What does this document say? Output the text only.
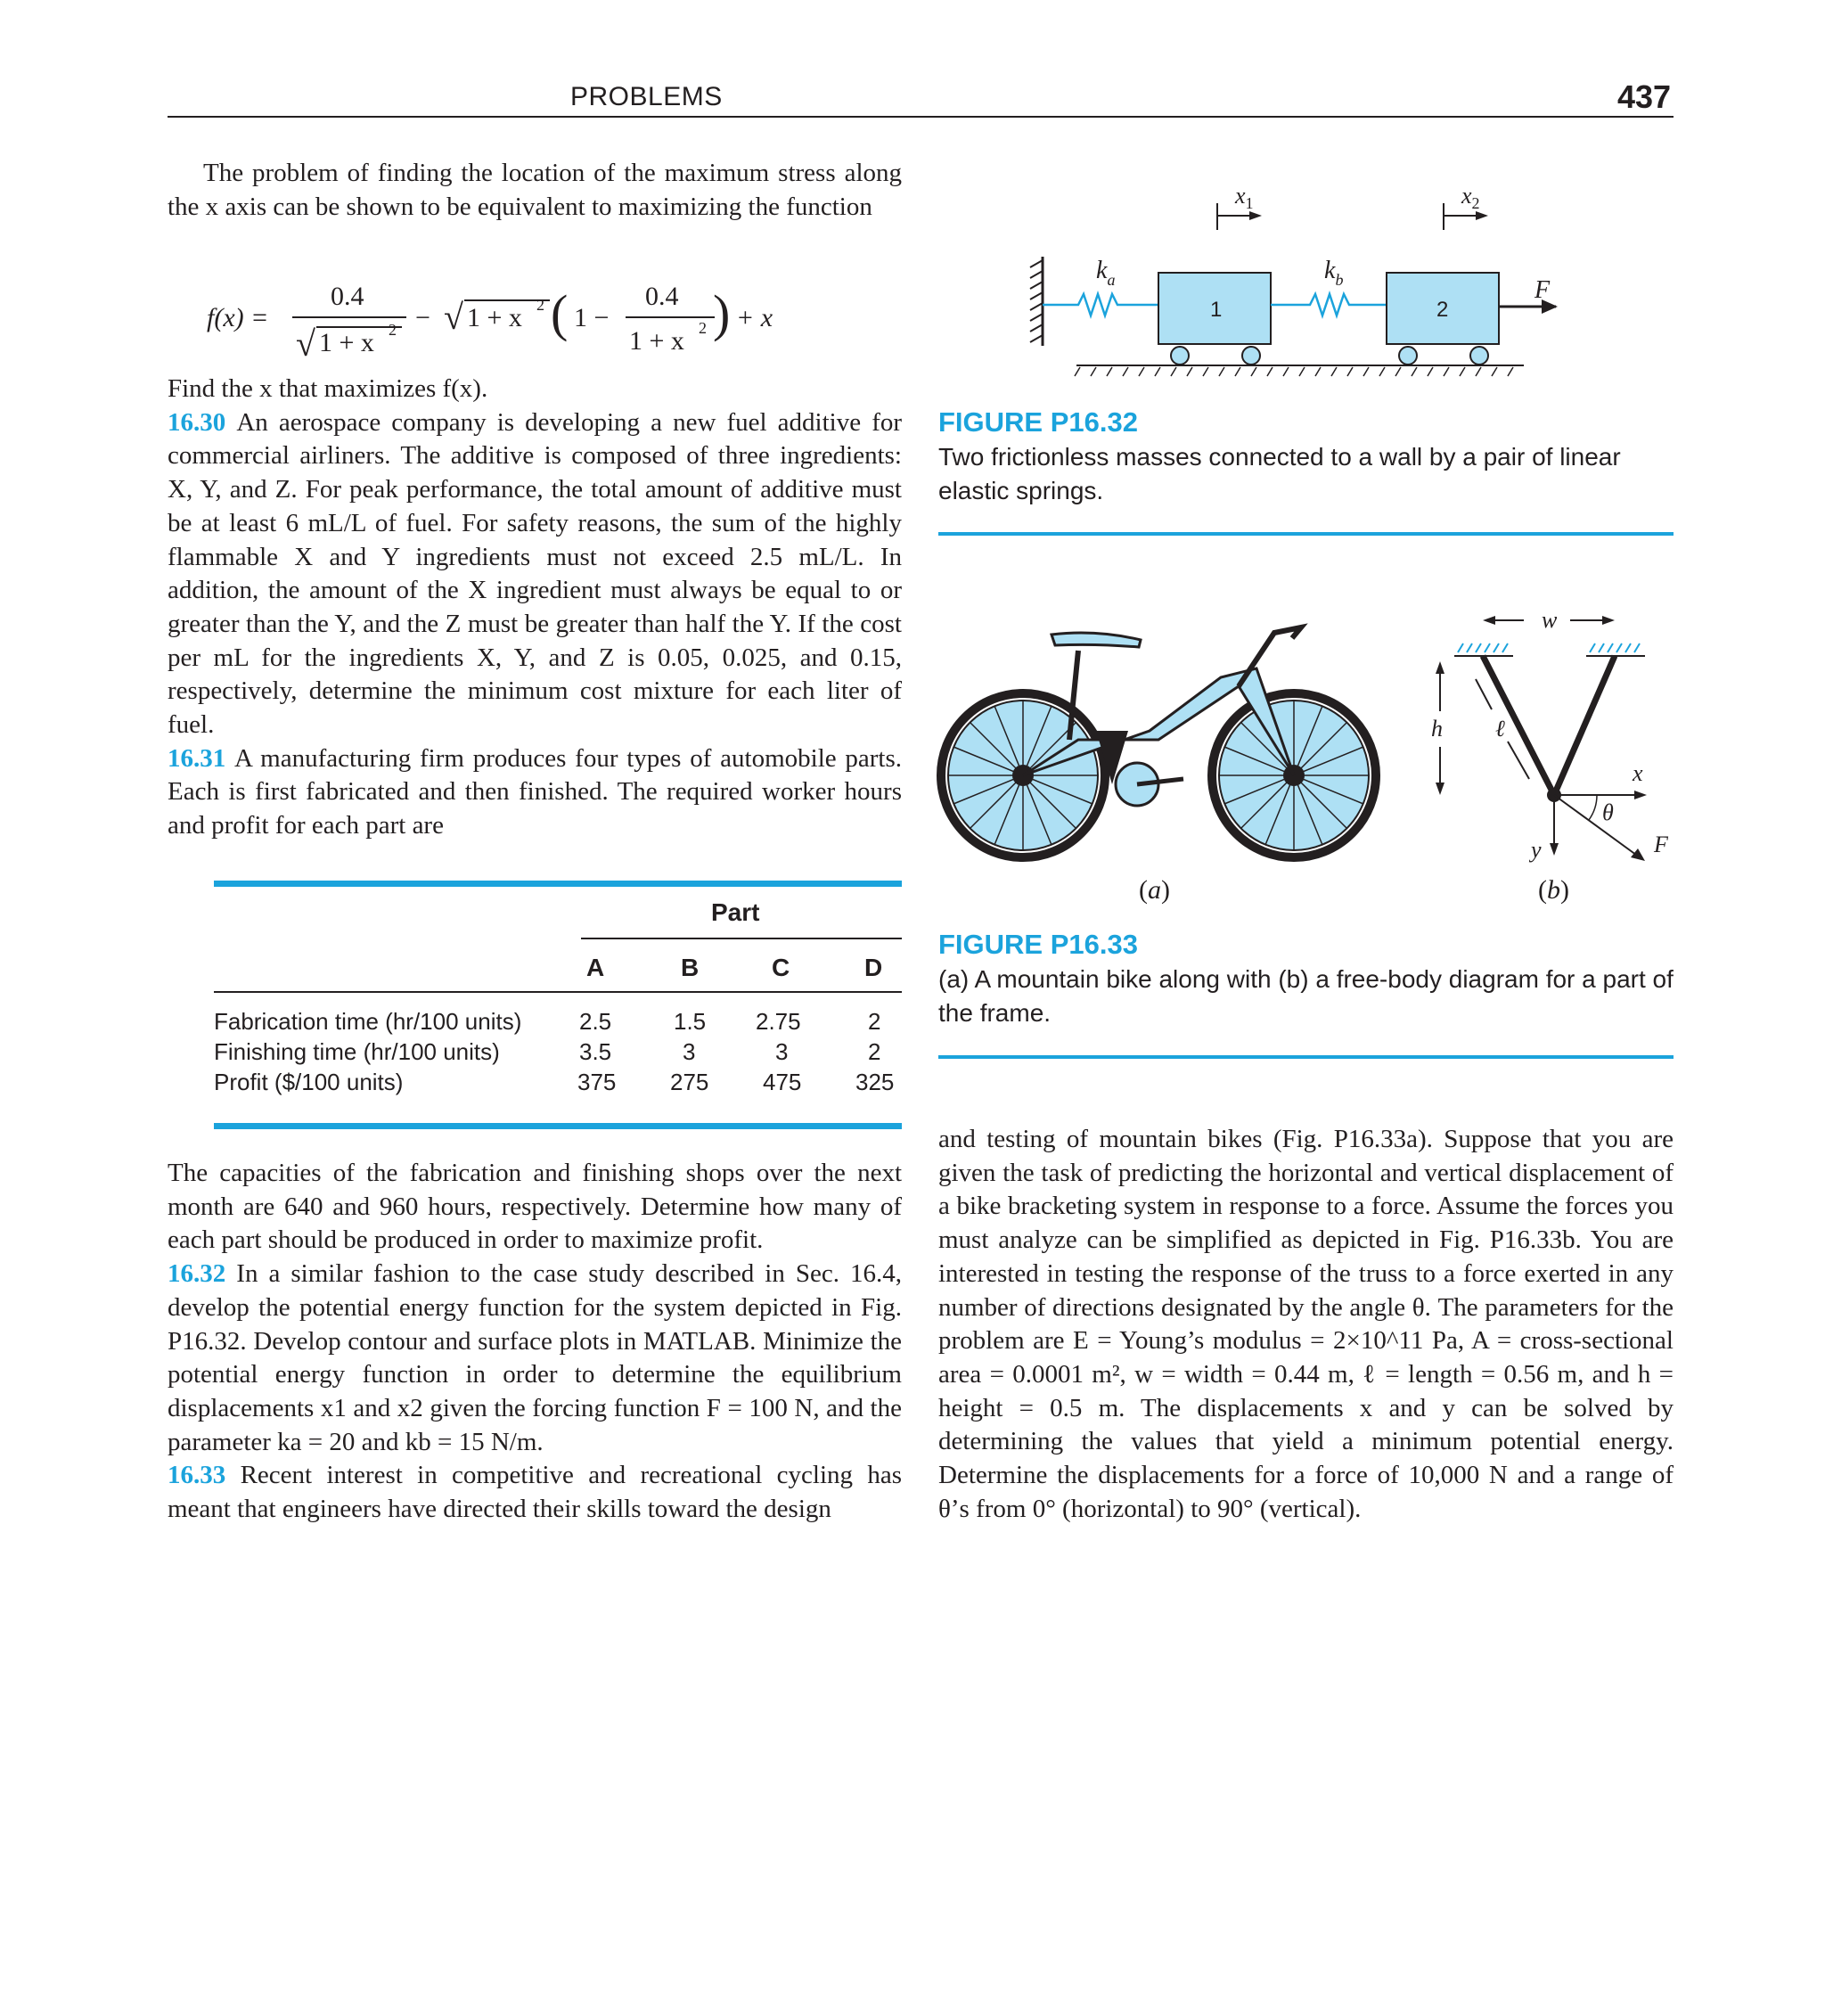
PROBLEMS	437

The problem of finding the location of the maximum stress along the x axis can be shown to be equivalent to maximizing the function

f(x) =
0.4
√ 1 + x 2 − √ 1 + x 2 ( 1 −
0.4
1 + x 2 ) + x

Find the x that maximizes f(x).

16.30 An aerospace company is developing a new fuel additive for commercial airliners. The additive is composed of three ingredients: X, Y, and Z. For peak performance, the total amount of additive must be at least 6 mL/L of fuel. For safety reasons, the sum of the highly flammable X and Y ingredients must not exceed 2.5 mL/L. In addition, the amount of the X ingredient must always be equal to or greater than the Y, and the Z must be greater than half the Y. If the cost per mL for the ingredients X, Y, and Z is 0.05, 0.025, and 0.15, respectively, determine the minimum cost mixture for each liter of fuel.

16.31 A manufacturing firm produces four types of automobile parts. Each is first fabricated and then finished. The required worker hours and profit for each part are

Part
A	B	C	D
Fabrication time (hr/100 units) 2.5	1.5 2.75	2
Finishing time (hr/100 units)	3.5	3	3	2
Profit ($/100 units)	375 275 475 325

The capacities of the fabrication and finishing shops over the next month are 640 and 960 hours, respectively. Determine how many of each part should be produced in order to maximize profit.

16.32 In a similar fashion to the case study described in Sec. 16.4, develop the potential energy function for the system depicted in Fig. P16.32. Develop contour and surface plots in MATLAB. Minimize the potential energy function in order to determine the equilibrium displacements x1 and x2 given the forcing function F = 100 N, and the parameter ka = 20 and kb = 15 N/m.

16.33 Recent interest in competitive and recreational cycling has meant that engineers have directed their skills toward the design

$k_a$
1
$k_b$
2
F
$x_1$	$x_2$
FIGURE P16.32
Two frictionless masses connected to a wall by a pair of linear elastic springs.
(a)
w
h ℓ
x
y	F
θ
(b)
FIGURE P16.33
(a) A mountain bike along with (b) a free-body diagram for a part of the frame.

and testing of mountain bikes (Fig. P16.33a). Suppose that you are given the task of predicting the horizontal and vertical displacement of a bike bracketing system in response to a force. Assume the forces you must analyze can be simplified as depicted in Fig. P16.33b. You are interested in testing the response of the truss to a force exerted in any number of directions designated by the angle θ. The parameters for the problem are E = Young’s modulus = 2×10^11 Pa, A = cross-sectional area = 0.0001 m², w = width = 0.44 m, ℓ = length = 0.56 m, and h = height = 0.5 m. The displacements x and y can be solved by determining the values that yield a minimum potential energy. Determine the displacements for a force of 10,000 N and a range of θ’s from 0° (horizontal) to 90° (vertical).
